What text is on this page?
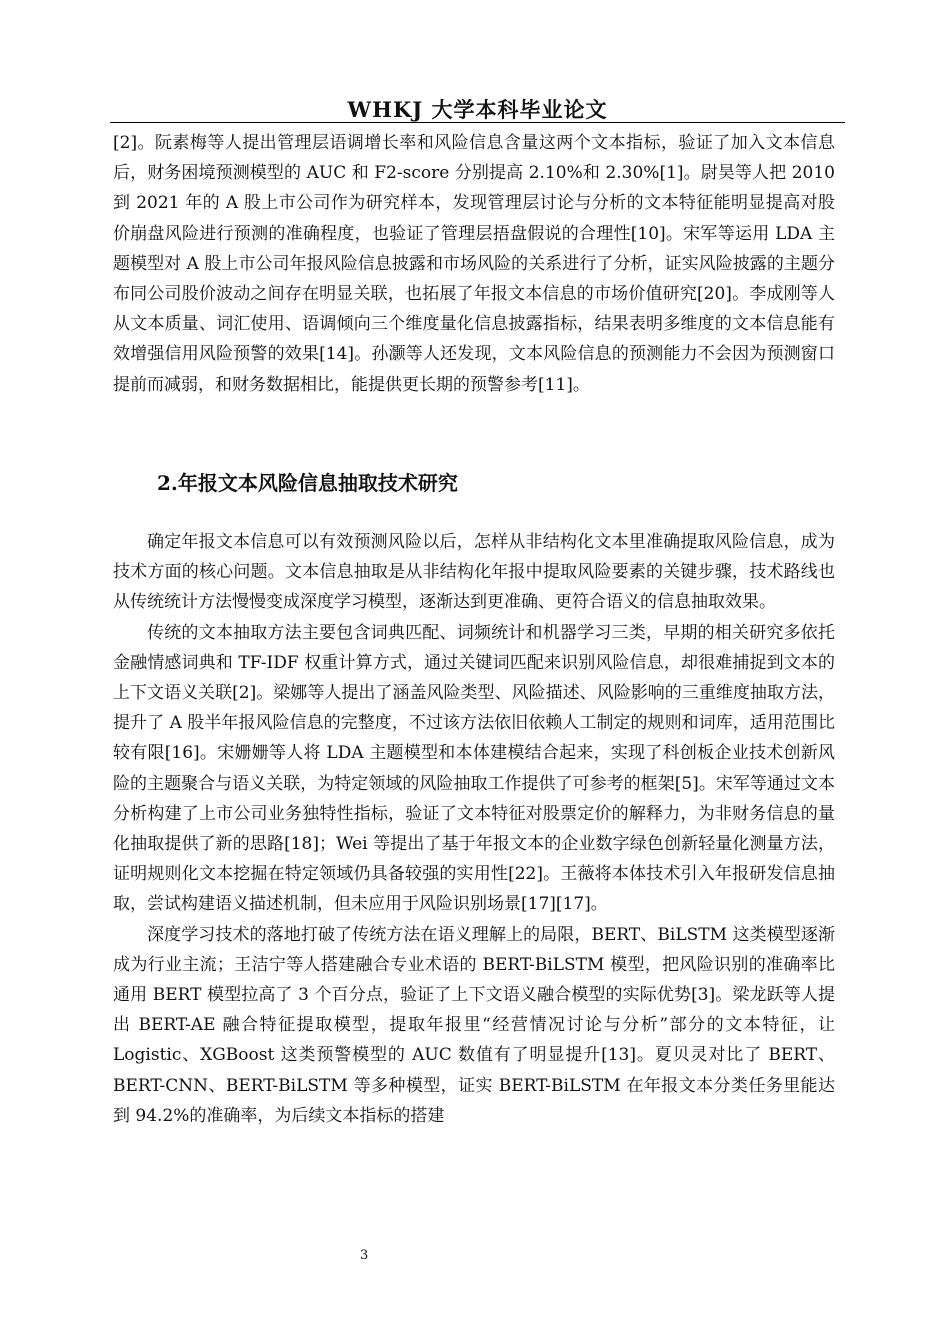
WHKJ 大学本科毕业论文

[2]。阮素梅等人提出管理层语调增长率和风险信息含量这两个文本指标，验证了加入文本信息后，财务困境预测模型的 AUC 和 F2-score 分别提高 2.10%和 2.30%[1]。尉昊等人把 2010 到 2021 年的 A 股上市公司作为研究样本，发现管理层讨论与分析的文本特征能明显提高对股价崩盘风险进行预测的准确程度，也验证了管理层捂盘假说的合理性[10]。宋军等运用 LDA 主题模型对 A 股上市公司年报风险信息披露和市场风险的关系进行了分析，证实风险披露的主题分布同公司股价波动之间存在明显关联，也拓展了年报文本信息的市场价值研究[20]。李成刚等人从文本质量、词汇使用、语调倾向三个维度量化信息披露指标，结果表明多维度的文本信息能有效增强信用风险预警的效果[14]。孙灏等人还发现，文本风险信息的预测能力不会因为预测窗口提前而减弱，和财务数据相比，能提供更长期的预警参考[11]。

2.年报文本风险信息抽取技术研究

确定年报文本信息可以有效预测风险以后，怎样从非结构化文本里准确提取风险信息，成为技术方面的核心问题。文本信息抽取是从非结构化年报中提取风险要素的关键步骤，技术路线也从传统统计方法慢慢变成深度学习模型，逐渐达到更准确、更符合语义的信息抽取效果。

传统的文本抽取方法主要包含词典匹配、词频统计和机器学习三类，早期的相关研究多依托金融情感词典和 TF-IDF 权重计算方式，通过关键词匹配来识别风险信息，却很难捕捉到文本的上下文语义关联[2]。梁娜等人提出了涵盖风险类型、风险描述、风险影响的三重维度抽取方法，提升了 A 股半年报风险信息的完整度，不过该方法依旧依赖人工制定的规则和词库，适用范围比较有限[16]。宋姗姗等人将 LDA 主题模型和本体建模结合起来，实现了科创板企业技术创新风险的主题聚合与语义关联，为特定领域的风险抽取工作提供了可参考的框架[5]。宋军等通过文本分析构建了上市公司业务独特性指标，验证了文本特征对股票定价的解释力，为非财务信息的量化抽取提供了新的思路[18]；Wei 等提出了基于年报文本的企业数字绿色创新轻量化测量方法，证明规则化文本挖掘在特定领域仍具备较强的实用性[22]。王薇将本体技术引入年报研发信息抽取，尝试构建语义描述机制，但未应用于风险识别场景[17][17]。

深度学习技术的落地打破了传统方法在语义理解上的局限，BERT、BiLSTM 这类模型逐渐成为行业主流；王洁宁等人搭建融合专业术语的 BERT-BiLSTM 模型，把风险识别的准确率比通用 BERT 模型拉高了 3 个百分点，验证了上下文语义融合模型的实际优势[3]。梁龙跃等人提出 BERT-AE 融合特征提取模型，提取年报里“经营情况讨论与分析”部分的文本特征，让 Logistic、XGBoost 这类预警模型的 AUC 数值有了明显提升[13]。夏贝灵对比了 BERT、BERT-CNN、BERT-BiLSTM 等多种模型，证实 BERT-BiLSTM 在年报文本分类任务里能达到 94.2%的准确率，为后续文本指标的搭建

3
